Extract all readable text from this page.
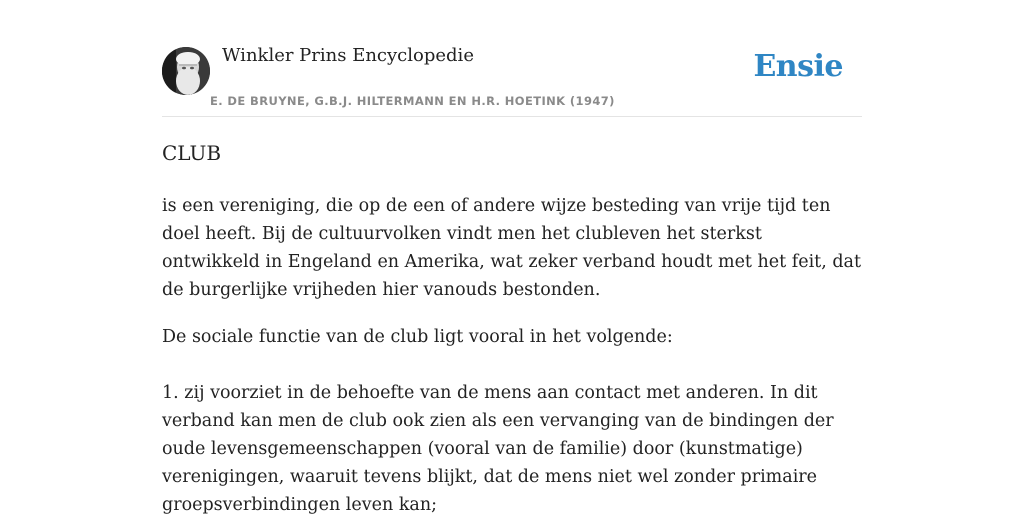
Winkler Prins Encyclopedie
E. DE BRUYNE, G.B.J. HILTERMANN EN H.R. HOETINK (1947)
Ensie
CLUB

is een vereniging, die op de een of andere wijze besteding van vrije tijd ten doel heeft. Bij de cultuurvolken vindt men het clubleven het sterkst ontwikkeld in Engeland en Amerika, wat zeker verband houdt met het feit, dat de burgerlijke vrijheden hier vanouds bestonden.

De sociale functie van de club ligt vooral in het volgende:

1. zij voorziet in de behoefte van de mens aan contact met anderen. In dit verband kan men de club ook zien als een vervanging van de bindingen der oude levensgemeenschappen (vooral van de familie) door (kunstmatige) verenigingen, waaruit tevens blijkt, dat de mens niet wel zonder primaire groepsverbindingen leven kan;
